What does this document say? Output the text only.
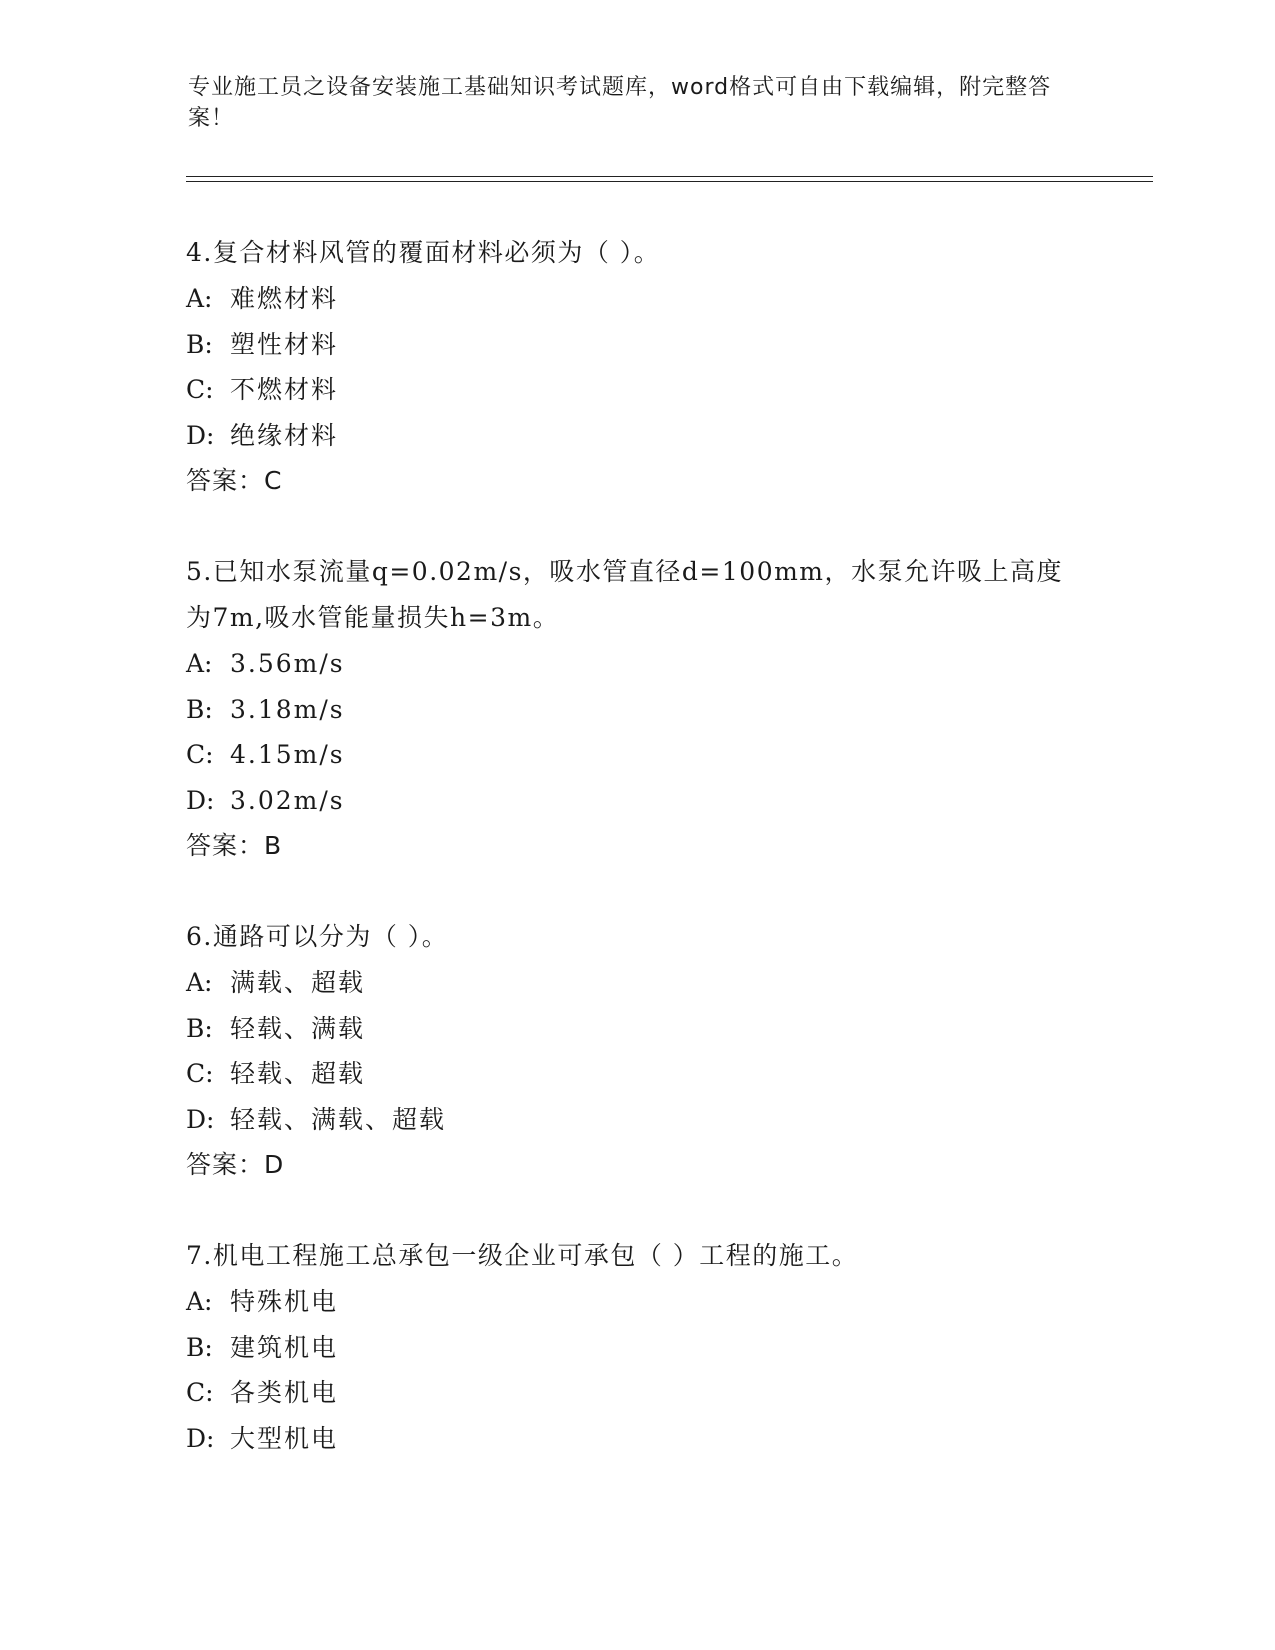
专业施工员之设备安装施工基础知识考试题库，word格式可自由下载编辑，附完整答案！

4.复合材料风管的覆面材料必须为（ ）。

A: 难燃材料

B: 塑性材料

C: 不燃材料

D: 绝缘材料

答案：C

5.已知水泵流量q=0.02m/s，吸水管直径d=100mm，水泵允许吸上高度为7m,吸水管能量损失h=3m。

A: 3.56m/s

B: 3.18m/s

C: 4.15m/s

D: 3.02m/s

答案：B

6.通路可以分为（ ）。

A: 满载、超载

B: 轻载、满载

C: 轻载、超载

D: 轻载、满载、超载

答案：D

7.机电工程施工总承包一级企业可承包（ ）工程的施工。

A: 特殊机电

B: 建筑机电

C: 各类机电

D: 大型机电
